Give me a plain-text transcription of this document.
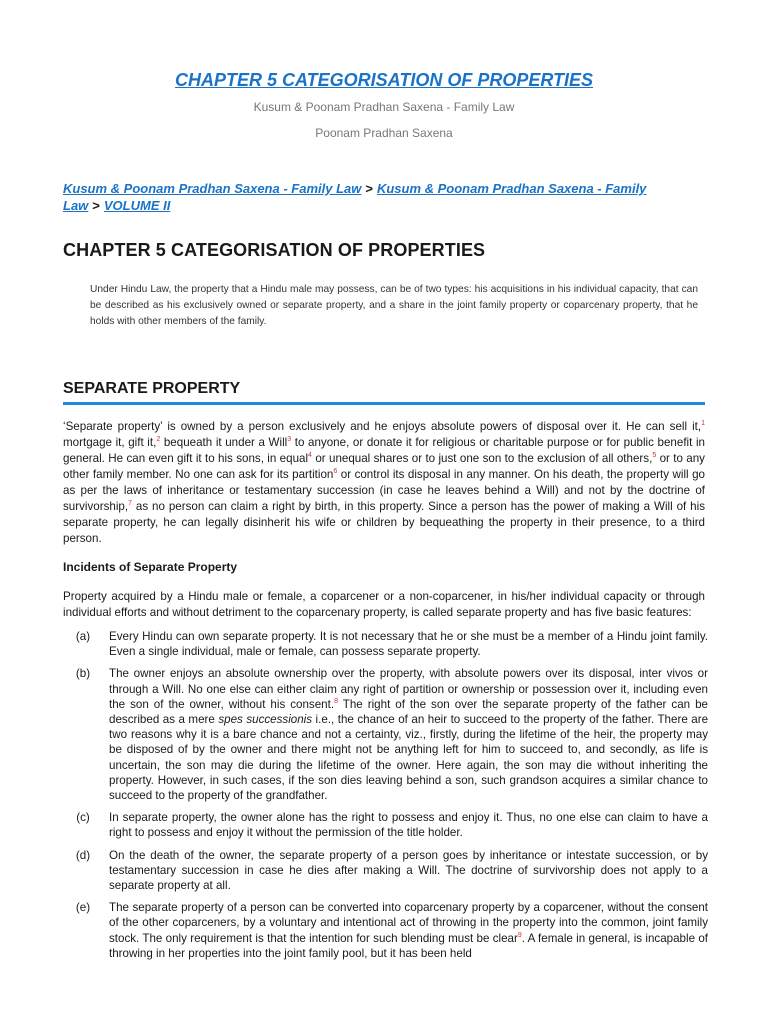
CHAPTER 5 CATEGORISATION OF PROPERTIES
Kusum & Poonam Pradhan Saxena - Family Law
Poonam Pradhan Saxena
Kusum & Poonam Pradhan Saxena - Family Law > Kusum & Poonam Pradhan Saxena - Family Law > VOLUME II
CHAPTER 5 CATEGORISATION OF PROPERTIES

Under Hindu Law, the property that a Hindu male may possess, can be of two types: his acquisitions in his individual capacity, that can be described as his exclusively owned or separate property, and a share in the joint family property or coparcenary property, that he holds with other members of the family.

SEPARATE PROPERTY

‘Separate property’ is owned by a person exclusively and he enjoys absolute powers of disposal over it. He can sell it,$^1$ mortgage it, gift it,$^2$ bequeath it under a Will$^3$ to anyone, or donate it for religious or charitable purpose or for public benefit in general. He can even gift it to his sons, in equal$^4$ or unequal shares or to just one son to the exclusion of all others,$^5$ or to any other family member. No one can ask for its partition$^6$ or control its disposal in any manner. On his death, the property will go as per the laws of inheritance or testamentary succession (in case he leaves behind a Will) and not by the doctrine of survivorship,$^7$ as no person can claim a right by birth, in this property. Since a person has the power of making a Will of his separate property, he can legally disinherit his wife or children by bequeathing the property in their presence, to a third person.

Incidents of Separate Property

Property acquired by a Hindu male or female, a coparcener or a non-coparcener, in his/her individual capacity or through individual efforts and without detriment to the coparcenary property, is called separate property and has five basic features:

(a)	Every Hindu can own separate property. It is not necessary that he or she must be a member of a Hindu joint family. Even a single individual, male or female, can possess separate property.
(b)	The owner enjoys an absolute ownership over the property, with absolute powers over its disposal, inter vivos or through a Will. No one else can either claim any right of partition or ownership or possession over it, including even the son of the owner, without his consent.$^8$ The right of the son over the separate property of the father can be described as a mere spes successionis i.e., the chance of an heir to succeed to the property of the father. There are two reasons why it is a bare chance and not a certainty, viz., firstly, during the lifetime of the heir, the property may be disposed of by the owner and there might not be anything left for him to succeed to, and secondly, as life is uncertain, the son may die during the lifetime of the owner. Here again, the son may die without inheriting the property. However, in such cases, if the son dies leaving behind a son, such grandson acquires a similar chance to succeed to the property of the grandfather.
(c)	In separate property, the owner alone has the right to possess and enjoy it. Thus, no one else can claim to have a right to possess and enjoy it without the permission of the title holder.
(d)	On the death of the owner, the separate property of a person goes by inheritance or intestate succession, or by testamentary succession in case he dies after making a Will. The doctrine of survivorship does not apply to a separate property at all.
(e)	The separate property of a person can be converted into coparcenary property by a coparcener, without the consent of the other coparceners, by a voluntary and intentional act of throwing in the property into the common, joint family stock. The only requirement is that the intention for such blending must be clear$^9$. A female in general, is incapable of throwing in her properties into the joint family pool, but it has been held
